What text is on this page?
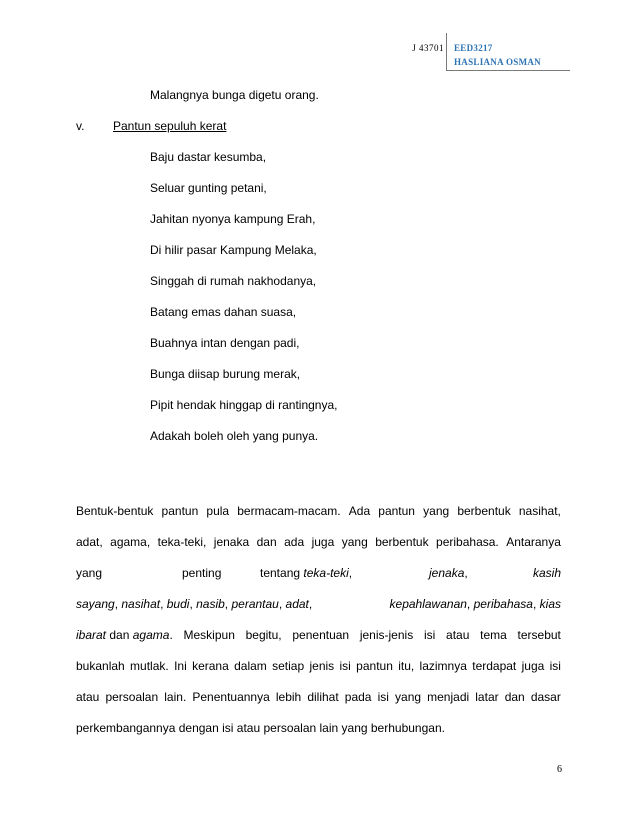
J 43701 EED3217
HASLIANA OSMAN
Malangnya bunga digetu orang.
v. Pantun sepuluh kerat
Baju dastar kesumba,
Seluar gunting petani,
Jahitan nyonya kampung Erah,
Di hilir pasar Kampung Melaka,
Singgah di rumah nakhodanya,
Batang emas dahan suasa,
Buahnya intan dengan padi,
Bunga diisap burung merak,
Pipit hendak hinggap di rantingnya,
Adakah boleh oleh yang punya.
Bentuk-bentuk pantun pula bermacam-macam. Ada pantun yang berbentuk nasihat,
adat, agama, teka-teki, jenaka dan ada juga yang berbentuk peribahasa. Antaranya
yang	penting	tentang teka-teki,	jenaka,	kasih
sayang, nasihat, budi, nasib, perantau, adat,	kepahlawanan, peribahasa, kias
ibarat dan agama. Meskipun begitu, penentuan jenis-jenis isi atau tema tersebut
bukanlah mutlak. Ini kerana dalam setiap jenis isi pantun itu, lazimnya terdapat juga isi
atau persoalan lain. Penentuannya lebih dilihat pada isi yang menjadi latar dan dasar
perkembangannya dengan isi atau persoalan lain yang berhubungan.
6
